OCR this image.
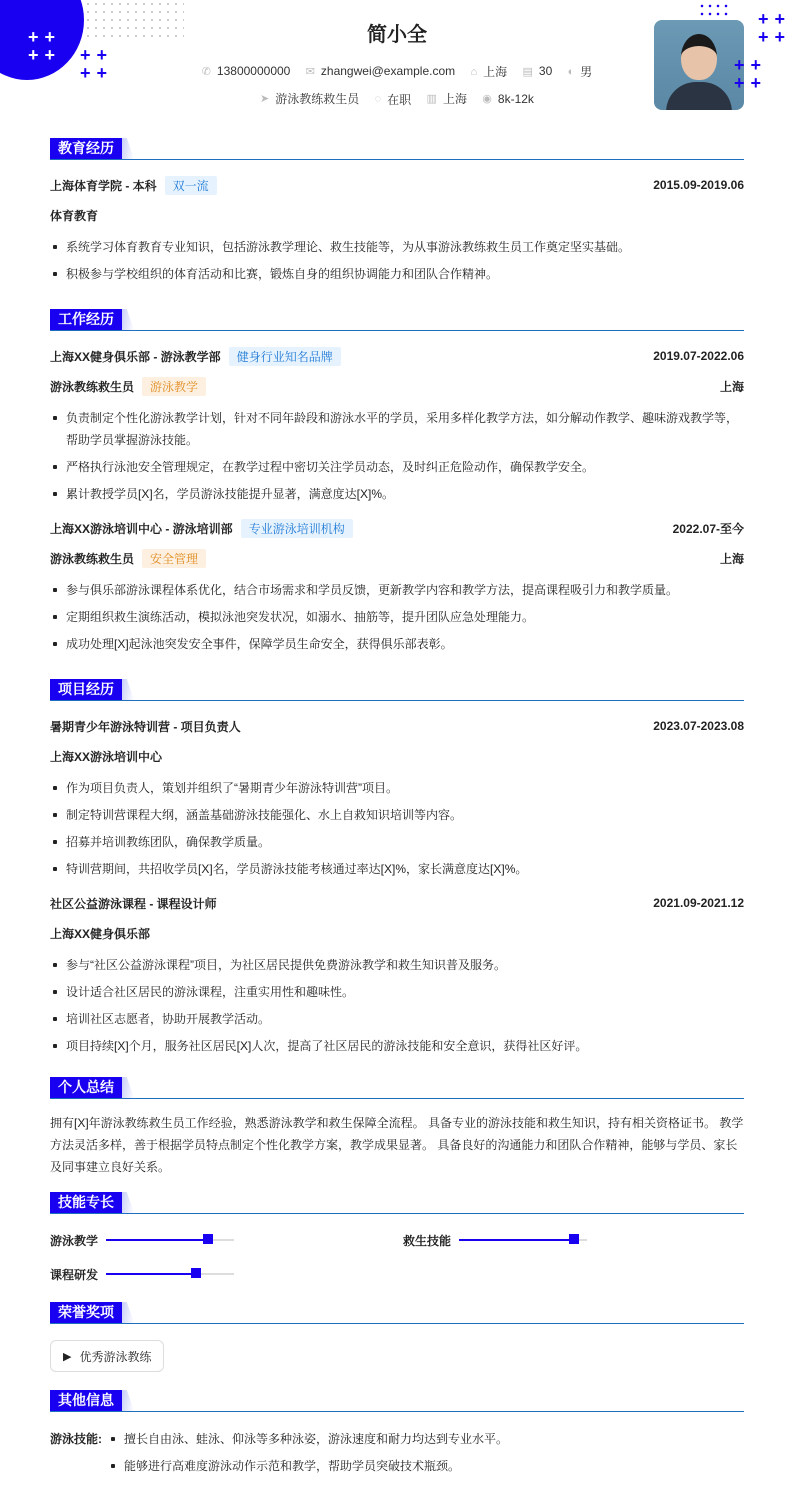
++
++ ++
++
简小全
✆ 13800000000
✉ zhangwei@example.com
⌂ 上海
▤ 30
◐ 男
➤ 游泳教练救生员
◌ 在职
▥ 上海
◉ 8k-12k
++
++
++
++
教育经历
上海体育学院 - 本科 双一流	2015.09-2019.06
体育教育
系统学习体育教育专业知识，包括游泳教学理论、救生技能等，为从事游泳教练救生员工作奠定坚实基础。
积极参与学校组织的体育活动和比赛，锻炼自身的组织协调能力和团队合作精神。
工作经历
上海XX健身俱乐部 - 游泳教学部 健身行业知名品牌	2019.07-2022.06
游泳教练救生员 游泳教学	上海
负责制定个性化游泳教学计划，针对不同年龄段和游泳水平的学员，采用多样化教学方法，如分解动作教学、趣味游戏教学等，帮助学员掌握游泳技能。
严格执行泳池安全管理规定，在教学过程中密切关注学员动态，及时纠正危险动作，确保教学安全。
累计教授学员[X]名，学员游泳技能提升显著，满意度达[X]%。
上海XX游泳培训中心 - 游泳培训部 专业游泳培训机构	2022.07-至今
游泳教练救生员 安全管理	上海
参与俱乐部游泳课程体系优化，结合市场需求和学员反馈，更新教学内容和教学方法，提高课程吸引力和教学质量。
定期组织救生演练活动，模拟泳池突发状况，如溺水、抽筋等，提升团队应急处理能力。
成功处理[X]起泳池突发安全事件，保障学员生命安全，获得俱乐部表彰。
项目经历
暑期青少年游泳特训营 - 项目负责人	2023.07-2023.08
上海XX游泳培训中心
作为项目负责人，策划并组织了“暑期青少年游泳特训营”项目。
制定特训营课程大纲，涵盖基础游泳技能强化、水上自救知识培训等内容。
招募并培训教练团队，确保教学质量。
特训营期间，共招收学员[X]名，学员游泳技能考核通过率达[X]%，家长满意度达[X]%。
社区公益游泳课程 - 课程设计师	2021.09-2021.12
上海XX健身俱乐部
参与“社区公益游泳课程”项目，为社区居民提供免费游泳教学和救生知识普及服务。
设计适合社区居民的游泳课程，注重实用性和趣味性。
培训社区志愿者，协助开展教学活动。
项目持续[X]个月，服务社区居民[X]人次，提高了社区居民的游泳技能和安全意识，获得社区好评。
个人总结
拥有[X]年游泳教练救生员工作经验，熟悉游泳教学和救生保障全流程。 具备专业的游泳技能和救生知识，持有相关资格证书。 教学方法灵活多样，善于根据学员特点制定个性化教学方案，教学成果显著。 具备良好的沟通能力和团队合作精神，能够与学员、家长及同事建立良好关系。
技能专长
游泳教学	救生技能
课程研发
荣誉奖项
▶ 优秀游泳教练
其他信息
游泳技能:	擅长自由泳、蛙泳、仰泳等多种泳姿，游泳速度和耐力均达到专业水平。
能够进行高难度游泳动作示范和教学，帮助学员突破技术瓶颈。
